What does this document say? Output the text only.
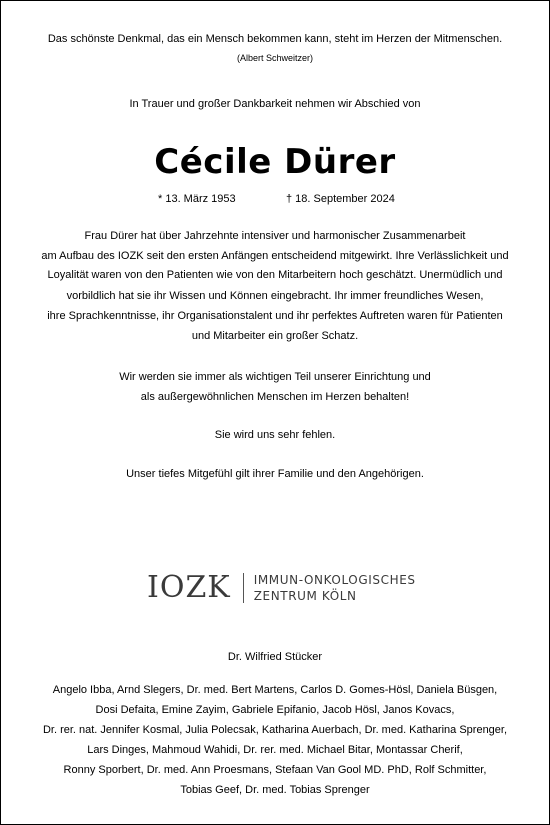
Das schönste Denkmal, das ein Mensch bekommen kann, steht im Herzen der Mitmenschen.
(Albert Schweitzer)
In Trauer und großer Dankbarkeit nehmen wir Abschied von
Cécile Dürer
* 13. März 1953	† 18. September 2024
Frau Dürer hat über Jahrzehnte intensiver und harmonischer Zusammenarbeit
am Aufbau des IOZK seit den ersten Anfängen entscheidend mitgewirkt. Ihre Verlässlichkeit und
Loyalität waren von den Patienten wie von den Mitarbeitern hoch geschätzt. Unermüdlich und
vorbildlich hat sie ihr Wissen und Können eingebracht. Ihr immer freundliches Wesen,
ihre Sprachkenntnisse, ihr Organisationstalent und ihr perfektes Auftreten waren für Patienten
und Mitarbeiter ein großer Schatz.
Wir werden sie immer als wichtigen Teil unserer Einrichtung und
als außergewöhnlichen Menschen im Herzen behalten!
Sie wird uns sehr fehlen.
Unser tiefes Mitgefühl gilt ihrer Familie und den Angehörigen.
IOZK IMMUN-ONKOLOGISCHES
ZENTRUM KÖLN
Dr. Wilfried Stücker
Angelo Ibba, Arnd Slegers, Dr. med. Bert Martens, Carlos D. Gomes-Hösl, Daniela Büsgen,
Dosi Defaita, Emine Zayim, Gabriele Epifanio, Jacob Hösl, Janos Kovacs,
Dr. rer. nat. Jennifer Kosmal, Julia Polecsak, Katharina Auerbach, Dr. med. Katharina Sprenger,
Lars Dinges, Mahmoud Wahidi, Dr. rer. med. Michael Bitar, Montassar Cherif,
Ronny Sporbert, Dr. med. Ann Proesmans, Stefaan Van Gool MD. PhD, Rolf Schmitter,
Tobias Geef, Dr. med. Tobias Sprenger
